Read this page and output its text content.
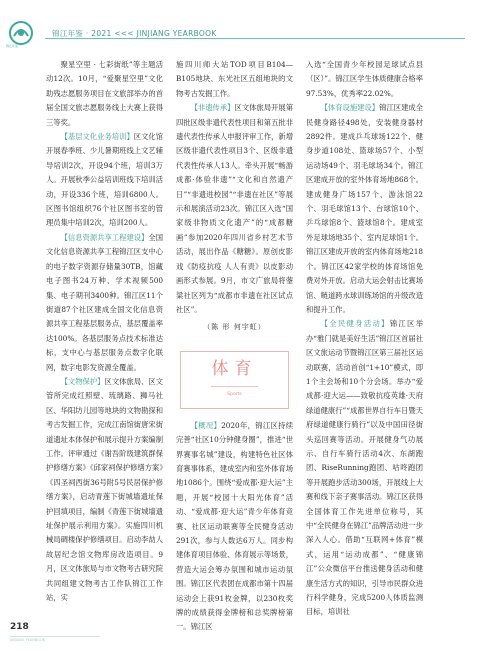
锦江年鉴
锦江年鉴 · 2021 <<< JINJIANG YEARBOOK

聚星空里 · 七彩街纸”等主题活动12次。10月，“爱聚星空里”文化助残志愿服务项目在文旅部举办的首届全国文旅志愿服务线上大赛上获得三等奖。

【基层文化业务培训】区文化馆开展春季班、少儿暑期班线上文艺辅导培训2次，开设94个班，培训3万人。开展秋季公益培训班线下培训活动，开设336个班，培训6800人。区图书馆组织76个社区图书室的管理员集中培训2次，培训200人。

【信息资源共享工程建设】全国文化信息资源共享工程锦江区支中心的电子数字资源存储量30TB，馆藏电子图书24万种、学术视频500集、电子期刊3400种。锦江区11个街道87个社区建成全国文化信息资源共享工程基层服务点，基层覆盖率达100%。各基层服务点技术标准达标，支中心与基层服务点数字化联网，数字电影发资源全覆盖。

【文物保护】区文体旅局、区文管所完成红照壁、琉璃路、狮马社区、华阳坊儿园等地块的文物勘探和考古发掘工作，完成江南馆街唐宋街道遗址本体保护和展示提升方案编制工作。评审通过《谢吾阶级建筑群保护修缮方案》《邱家祠保护修缮方案》《四圣祠西街36号附5号民居保护修缮方案》，启动青莲下街城墙遗址保护回填项目，编制《青莲下街城墙遗址保护展示利用方案》。实施四川机械局碉楼保护修缮项目。启动李劼人故居纪念馆文物库房改造项目。9月，区文体旅局与市文物考古研究院共同组建文物考古工作队锦江工作站，实

施四川师大站TOD项目B104—B105地块、东光社区五组地块的文物考古发掘工作。

【非遗传承】区文体旅局开展第四批区级非遗代表性项目和第五批非遗代表性传承人申报评审工作，新增区级非遗代表性项目3个、区级非遗代表性传承人13人。牵头开展“畅游成都·体验非遗”“文化和自然遗产日”“非遗进校园”“非遗在社区”等展示和展演活动23次。锦江区入选“国家级非物质文化遗产”的“成都糖画”参加2020年四川省乡村艺术节活动，展出作品《糖糖》。原创皮影戏《防疫抗疫 人人有责》以皮影动画形式参展。9月，市文广旅局将蓥粱社区列为“成都市非遗在社区试点社区”。

（陈 形 何宇虹）

体育
Sports

【概况】2020年，锦江区持续完善“社区10分钟健身圈”，推进“世界赛事名城”建设，构建特色社区体育赛事体系，建成室内和室外体育场地1086个。围绕“爱成都·迎大运”主题，开展“校园十大阳光体育”活动、“爱成都·迎大运”青少年体育竞赛、社区运动联赛等全民健身活动291次，参与人数达6万人。同步构建体育项目体验、体育展示等场景，营造大运会筹办氛围和城市运动氛围。锦江区代表团在成都市第十四届运动会上获91枚金牌，以230枚奖牌的成绩获得金牌榜和总奖牌榜第一。锦江区

入选“全国青少年校园足球试点县（区）”。锦江区学生体质健康合格率97.53%，优秀率22.02%。

【体育设施建设】锦江区建成全民健身路径498处，安装健身器材2892件。建成乒乓球场122个、健身步道108处、篮球场57个、小型运动场49个、羽毛球场34个。锦江区建成开放的室外体育场地868个。建成健身广场157个、游泳馆22个、羽毛球馆13个、台球馆10个、乒乓球馆8个、篮球馆8个。建成室外足球场地35个、室内足球馆1个。锦江区建成开放的室内体育场地218个。锦江区42家学校的体育场馆免费对外开放。启动大运会射击比赛场馆、鲢道跨水球训练场馆的升级改造和提升工作。

【全民健身活动】锦江区举办“雅门就是美好生活”锦江区首届社区文旅运动节暨锦江区第三届社区运动联赛，活动首创“1+10”模式，即1个主会场和10个分会场。举办“爱成都·迎大运——致敬抗疫英雄·天府绿道健康行”“成都世界自行车日暨天府绿道健康行骑行”以及中国田径街头巡回赛等活动。开展健身气功展示、自行车骑行活动4次、东湖跑团、RiseRunning跑团、咕咚跑团等开展跑步活动300场，开展线上大赛和线下亲子赛事活动。锦江区获得全国体育工作先进单位称号，其中“全民健身在锦江”品牌活动进一步深入人心。借助“互联网+体育”模式，运用“运动成都”、“健康锦江”公众微信平台推送健身活动和健康生活方式的知识，引导市民群众进行科学健身，完成5200人体质监测目标，培训社

218
JINJIANG YEARBOOK
